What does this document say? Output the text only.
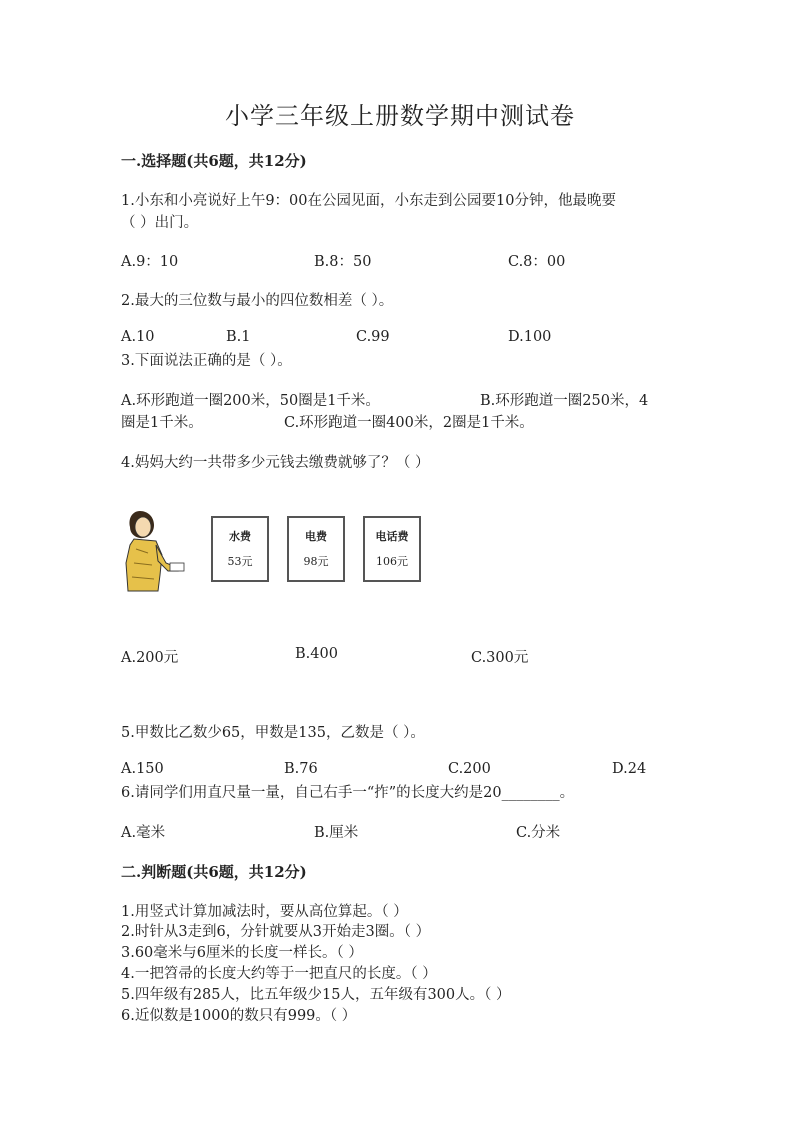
小学三年级上册数学期中测试卷
一.选择题(共6题，共12分)
1.小东和小亮说好上午9：00在公园见面，小东走到公园要10分钟，他最晚要
（ ）出门。
A.9：10	B.8：50	C.8：00
2.最大的三位数与最小的四位数相差（ ）。
A.10	B.1	C.99	D.100
3.下面说法正确的是（ ）。
A.环形跑道一圈200米，50圈是1千米。	B.环形跑道一圈250米，4
圈是1千米。	C.环形跑道一圈400米，2圈是1千米。
4.妈妈大约一共带多少元钱去缴费就够了？（ ）
水费
53元
电费
98元
电话费
106元
A.200元	B.400	C.300元
5.甲数比乙数少65，甲数是135，乙数是（ ）。
A.150	B.76	C.200	D.24
6.请同学们用直尺量一量，自己右手一“拃”的长度大约是20________。
A.毫米	B.厘米	C.分米
二.判断题(共6题，共12分)
1.用竖式计算加减法时，要从高位算起。（ ）
2.时针从3走到6，分针就要从3开始走3圈。（ ）
3.60毫米与6厘米的长度一样长。（ ）
4.一把笤帚的长度大约等于一把直尺的长度。（ ）
5.四年级有285人，比五年级少15人，五年级有300人。（ ）
6.近似数是1000的数只有999。（ ）
